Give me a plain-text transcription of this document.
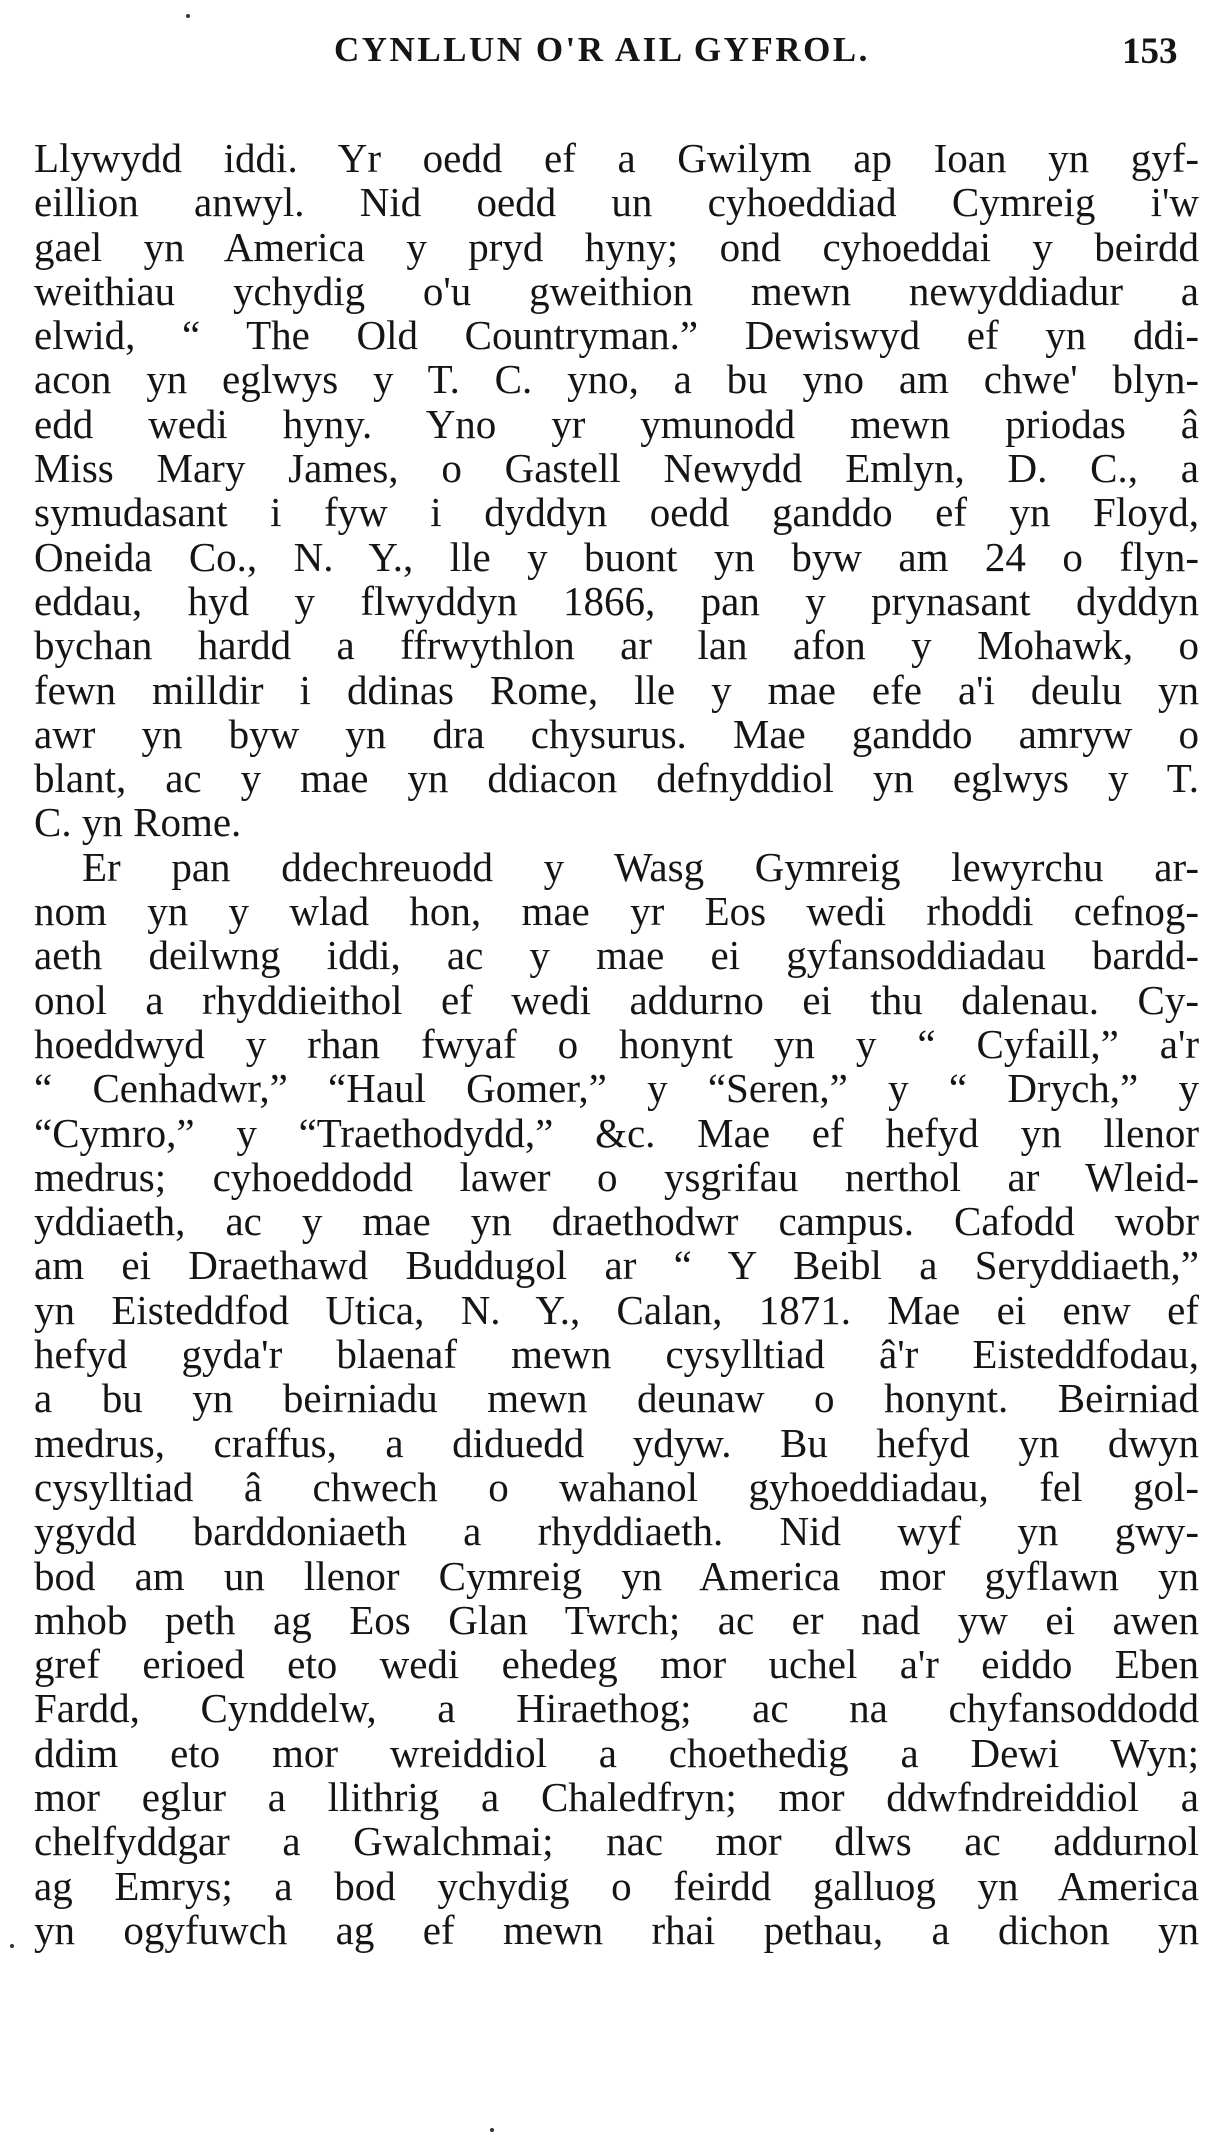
CYNLLUN O'R AIL GYFROL.	153
Llywydd iddi. Yr oedd ef a Gwilym ap Ioan yn gyf-
eillion anwyl. Nid oedd un cyhoeddiad Cymreig i'w
gael yn America y pryd hyny; ond cyhoeddai y beirdd
weithiau ychydig o'u gweithion mewn newyddiadur a
elwid, “ The Old Countryman.” Dewiswyd ef yn ddi-
acon yn eglwys y T. C. yno, a bu yno am chwe' blyn-
edd wedi hyny. Yno yr ymunodd mewn priodas â
Miss Mary James, o Gastell Newydd Emlyn, D. C., a
symudasant i fyw i dyddyn oedd ganddo ef yn Floyd,
Oneida Co., N. Y., lle y buont yn byw am 24 o flyn-
eddau, hyd y flwyddyn 1866, pan y prynasant dyddyn
bychan hardd a ffrwythlon ar lan afon y Mohawk, o
fewn milldir i ddinas Rome, lle y mae efe a'i deulu yn
awr yn byw yn dra chysurus. Mae ganddo amryw o
blant, ac y mae yn ddiacon defnyddiol yn eglwys y T.
C. yn Rome.
Er pan ddechreuodd y Wasg Gymreig lewyrchu ar-
nom yn y wlad hon, mae yr Eos wedi rhoddi cefnog-
aeth deilwng iddi, ac y mae ei gyfansoddiadau bardd-
onol a rhyddieithol ef wedi addurno ei thu dalenau. Cy-
hoeddwyd y rhan fwyaf o honynt yn y “ Cyfaill,” a'r
“ Cenhadwr,” “Haul Gomer,” y “Seren,” y “ Drych,” y
“Cymro,” y “Traethodydd,” &c. Mae ef hefyd yn llenor
medrus; cyhoeddodd lawer o ysgrifau nerthol ar Wleid-
yddiaeth, ac y mae yn draethodwr campus. Cafodd wobr
am ei Draethawd Buddugol ar “ Y Beibl a Seryddiaeth,”
yn Eisteddfod Utica, N. Y., Calan, 1871. Mae ei enw ef
hefyd gyda'r blaenaf mewn cysylltiad â'r Eisteddfodau,
a bu yn beirniadu mewn deunaw o honynt. Beirniad
medrus, craffus, a diduedd ydyw. Bu hefyd yn dwyn
cysylltiad â chwech o wahanol gyhoeddiadau, fel gol-
ygydd barddoniaeth a rhyddiaeth. Nid wyf yn gwy-
bod am un llenor Cymreig yn America mor gyflawn yn
mhob peth ag Eos Glan Twrch; ac er nad yw ei awen
gref erioed eto wedi ehedeg mor uchel a'r eiddo Eben
Fardd, Cynddelw, a Hiraethog; ac na chyfansoddodd
ddim eto mor wreiddiol a choethedig a Dewi Wyn;
mor eglur a llithrig a Chaledfryn; mor ddwfndreiddiol a
chelfyddgar a Gwalchmai; nac mor dlws ac addurnol
ag Emrys; a bod ychydig o feirdd galluog yn America
yn ogyfuwch ag ef mewn rhai pethau, a dichon yn
